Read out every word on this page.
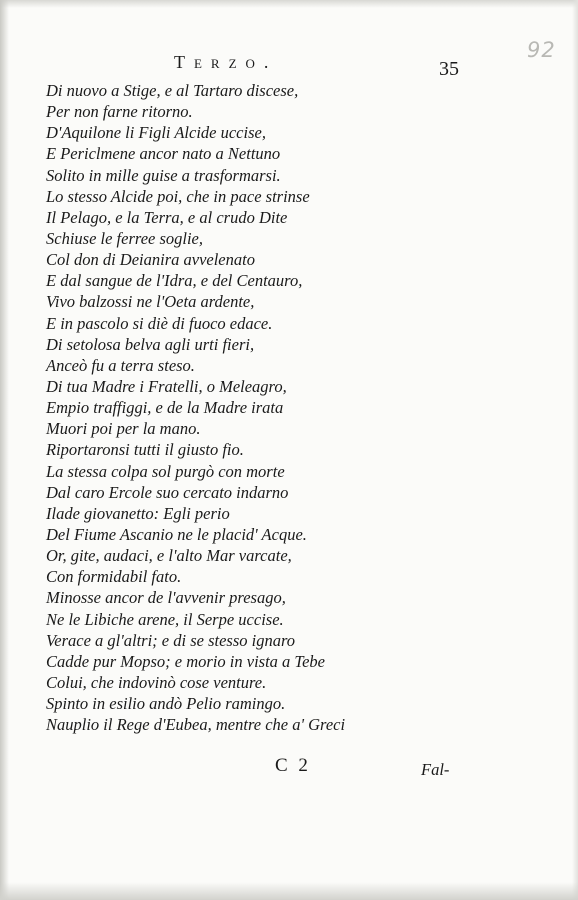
Terzo.	35
92
Di nuovo a Stige, e al Tartaro discese,
Per non farne ritorno.
D'Aquilone li Figli Alcide uccise,
E Periclmene ancor nato a Nettuno
Solito in mille guise a trasformarsi.
Lo stesso Alcide poi, che in pace strinse
Il Pelago, e la Terra, e al crudo Dite
Schiuse le ferree soglie,
Col don di Deianira avvelenato
E dal sangue de l'Idra, e del Centauro,
Vivo balzossi ne l'Oeta ardente,
E in pascolo si diè di fuoco edace.
Di setolosa belva agli urti fieri,
Anceò fu a terra steso.
Di tua Madre i Fratelli, o Meleagro,
Empio traffiggi, e de la Madre irata
Muori poi per la mano.
Riportaronsi tutti il giusto fio.
La stessa colpa sol purgò con morte
Dal caro Ercole suo cercato indarno
Ilade giovanetto: Egli perio
Del Fiume Ascanio ne le placid' Acque.
Or, gite, audaci, e l'alto Mar varcate,
Con formidabil fato.
Minosse ancor de l'avvenir presago,
Ne le Libiche arene, il Serpe uccise.
Verace a gl'altri; e di se stesso ignaro
Cadde pur Mopso; e morio in vista a Tebe
Colui, che indovinò cose venture.
Spinto in esilio andò Pelio ramingo.
Nauplio il Rege d'Eubea, mentre che a' Greci
C 2	Fal-
